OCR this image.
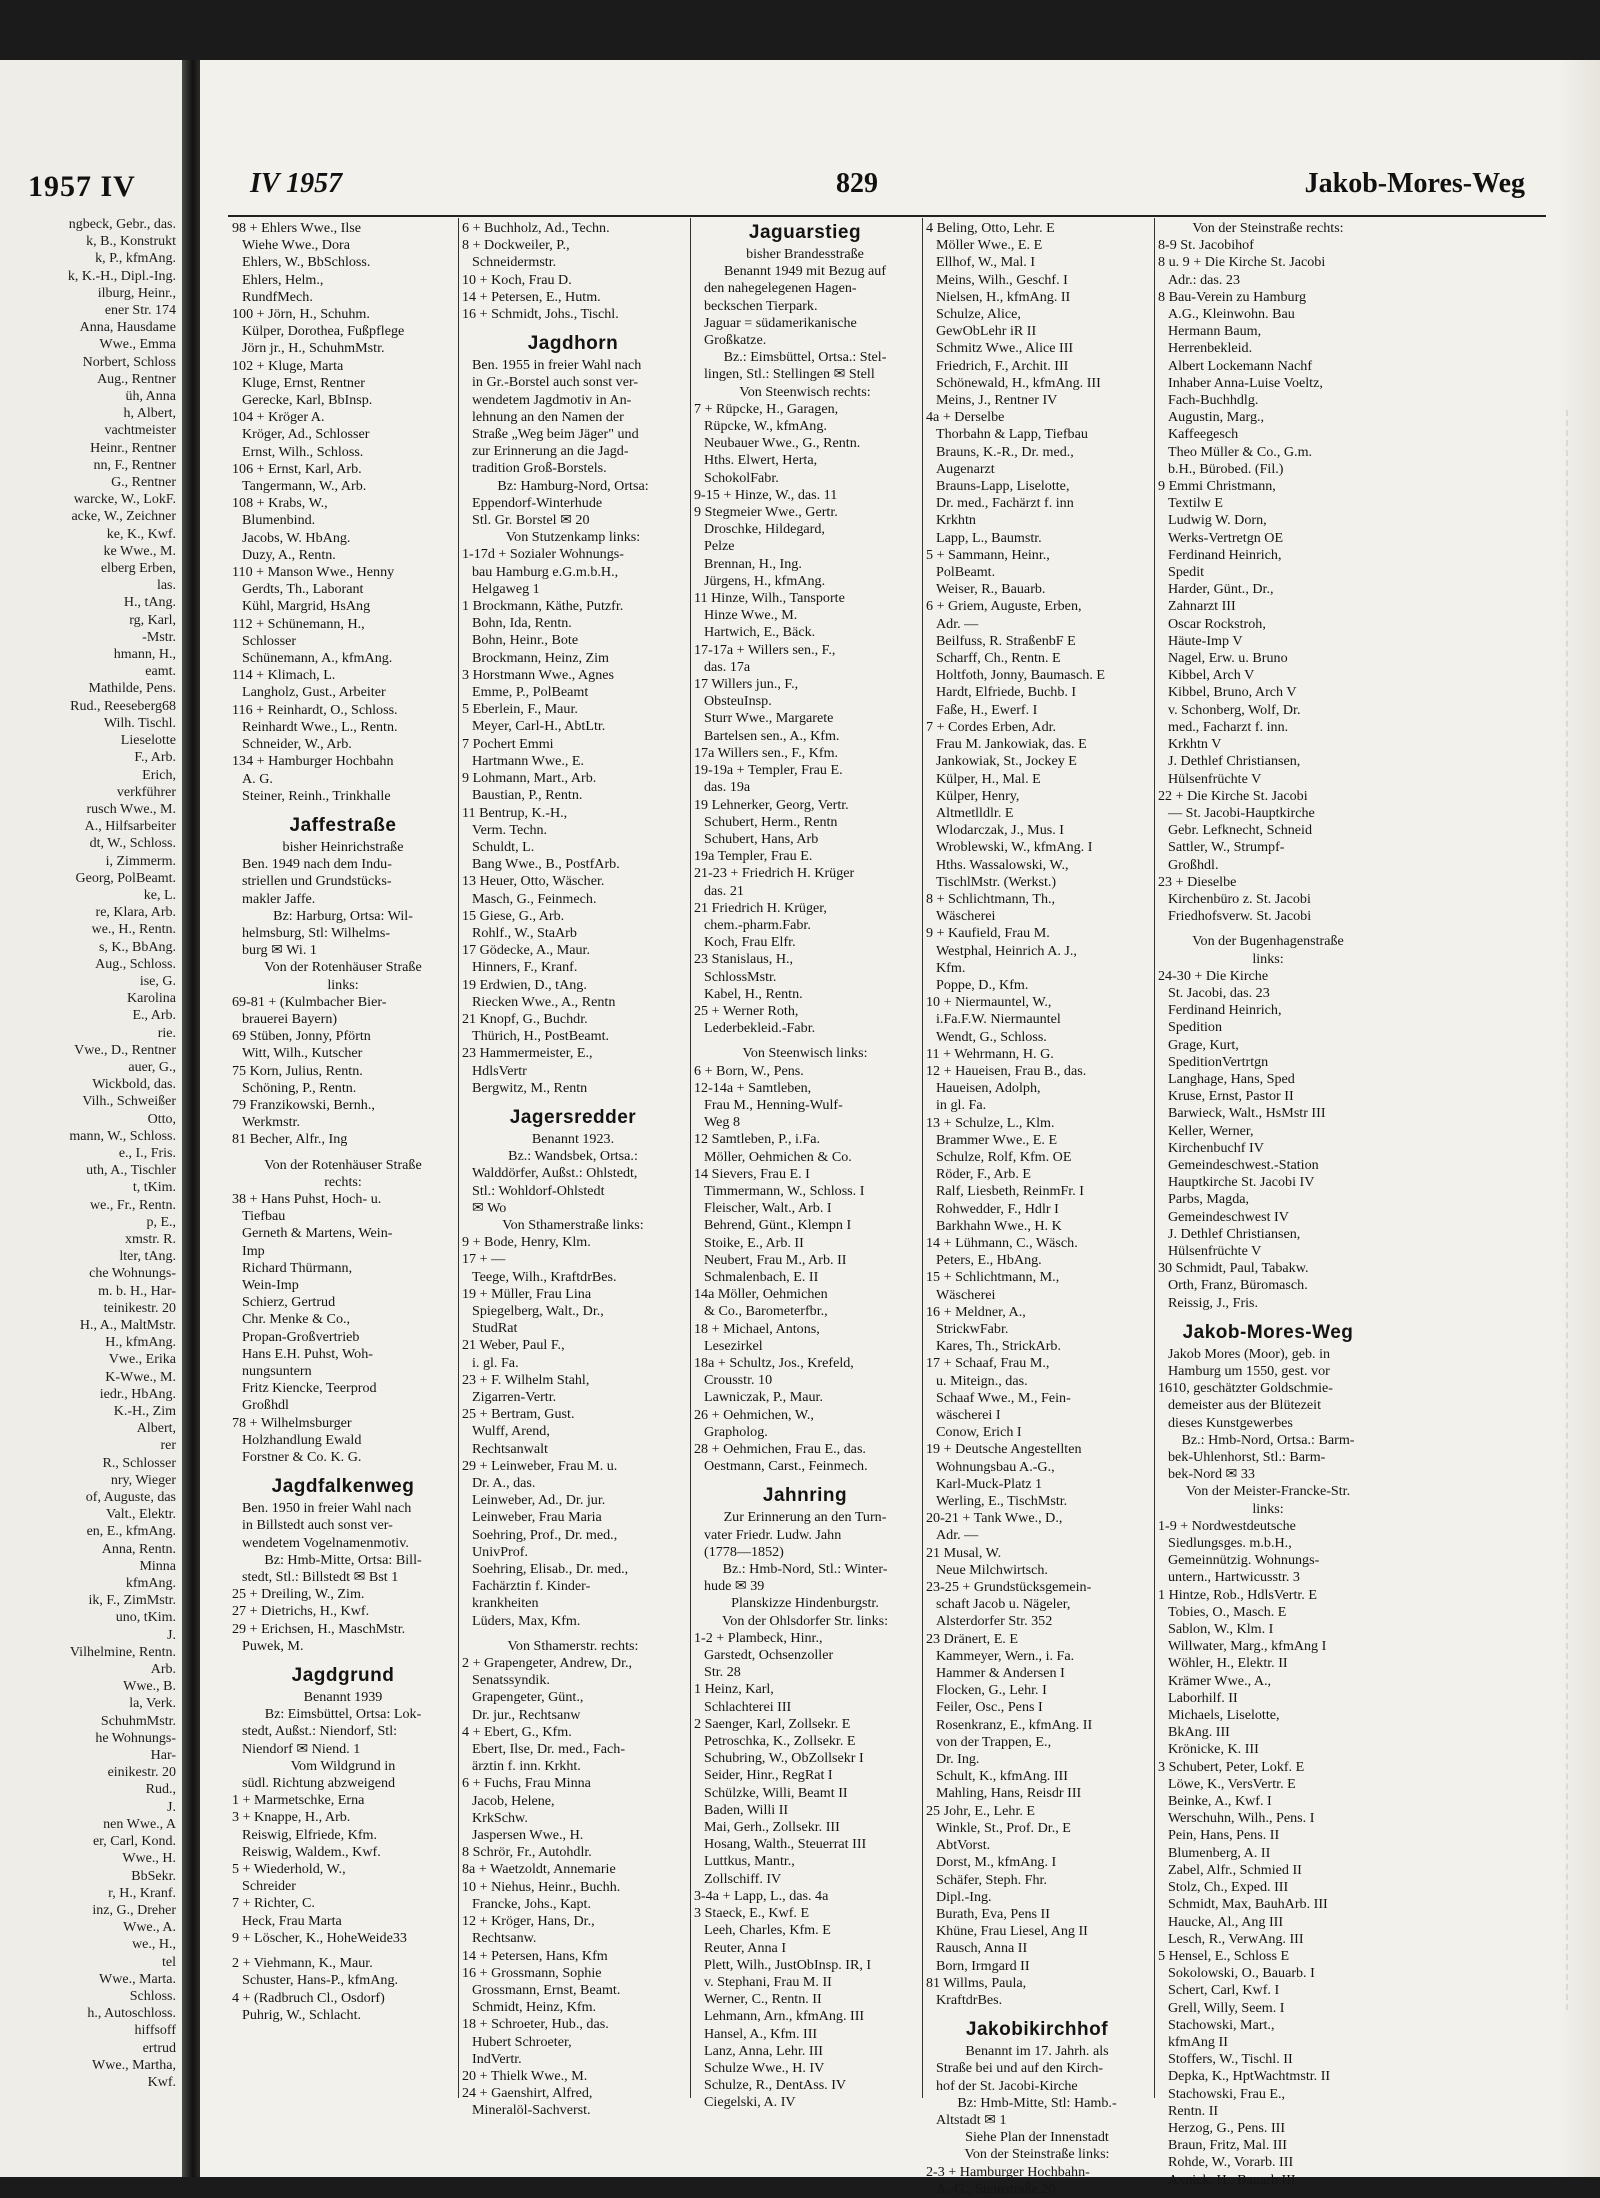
1957 IV
ngbeck, Gebr., das.
k, B., Konstrukt
k, P., kfmAng.
k, K.-H., Dipl.-Ing.
ilburg, Heinr.,
ener Str. 174
Anna, Hausdame
Wwe., Emma
Norbert, Schloss
Aug., Rentner
üh, Anna
h, Albert,
vachtmeister
Heinr., Rentner
nn, F., Rentner
G., Rentner
warcke, W., LokF.
acke, W., Zeichner
ke, K., Kwf.
ke Wwe., M.
elberg Erben,
las.
H., tAng.
rg, Karl,
-Mstr.
hmann, H.,
eamt.
Mathilde, Pens.
Rud., Reeseberg68
Wilh. Tischl.
Lieselotte
F., Arb.
Erich,
verkführer
rusch Wwe., M.
A., Hilfsarbeiter
dt, W., Schloss.
i, Zimmerm.
Georg, PolBeamt.
ke, L.
re, Klara, Arb.
we., H., Rentn.
s, K., BbAng.
Aug., Schloss.
ise, G.
Karolina
E., Arb.
rie.
Vwe., D., Rentner
auer, G.,
Wickbold, das.
Vilh., Schweißer
Otto,
mann, W., Schloss.
e., I., Fris.
uth, A., Tischler
t, tKim.
we., Fr., Rentn.
p, E.,
xmstr. R.
lter, tAng.
che Wohnungs-
m. b. H., Har-
teinikestr. 20
H., A., MaltMstr.
H., kfmAng.
Vwe., Erika
K-Wwe., M.
iedr., HbAng.
K.-H., Zim
Albert,
rer
R., Schlosser
nry, Wieger
of, Auguste, das
Valt., Elektr.
en, E., kfmAng.
Anna, Rentn.
Minna
kfmAng.
ik, F., ZimMstr.
uno, tKim.
J.
Vilhelmine, Rentn.
Arb.
Wwe., B.
la, Verk.
SchuhmMstr.
he Wohnungs-
Har-
einikestr. 20
Rud.,
J.
nen Wwe., A
er, Carl, Kond.
Wwe., H.
BbSekr.
r, H., Kranf.
inz, G., Dreher
Wwe., A.
we., H.,
tel
Wwe., Marta.
Schloss.
h., Autoschloss.
hiffsoff
ertrud
Wwe., Martha,
Kwf.
IV 1957	829	Jakob-Mores-Weg
98 + Ehlers Wwe., Ilse
Wiehe Wwe., Dora
Ehlers, W., BbSchloss.
Ehlers, Helm.,
RundfMech.
100 + Jörn, H., Schuhm.
Külper, Dorothea, Fußpflege
Jörn jr., H., SchuhmMstr.
102 + Kluge, Marta
Kluge, Ernst, Rentner
Gerecke, Karl, BbInsp.
104 + Kröger A.
Kröger, Ad., Schlosser
Ernst, Wilh., Schloss.
106 + Ernst, Karl, Arb.
Tangermann, W., Arb.
108 + Krabs, W.,
Blumenbind.
Jacobs, W. HbAng.
Duzy, A., Rentn.
110 + Manson Wwe., Henny
Gerdts, Th., Laborant
Kühl, Margrid, HsAng
112 + Schünemann, H.,
Schlosser
Schünemann, A., kfmAng.
114 + Klimach, L.
Langholz, Gust., Arbeiter
116 + Reinhardt, O., Schloss.
Reinhardt Wwe., L., Rentn.
Schneider, W., Arb.
134 + Hamburger Hochbahn
A. G.
Steiner, Reinh., Trinkhalle
Jaffestraße
bisher Heinrichstraße
Ben. 1949 nach dem Indu-
striellen und Grundstücks-
makler Jaffe.
Bz: Harburg, Ortsa: Wil-
helmsburg, Stl: Wilhelms-
burg ✉ Wi. 1
Von der Rotenhäuser Straße
links:
69-81 + (Kulmbacher Bier-
brauerei Bayern)
69 Stüben, Jonny, Pförtn
Witt, Wilh., Kutscher
75 Korn, Julius, Rentn.
Schöning, P., Rentn.
79 Franzikowski, Bernh.,
Werkmstr.
81 Becher, Alfr., Ing
Von der Rotenhäuser Straße
rechts:
38 + Hans Puhst, Hoch- u.
Tiefbau
Gerneth & Martens, Wein-
Imp
Richard Thürmann,
Wein-Imp
Schierz, Gertrud
Chr. Menke & Co.,
Propan-Großvertrieb
Hans E.H. Puhst, Woh-
nungsuntern
Fritz Kiencke, Teerprod
Großhdl
78 + Wilhelmsburger
Holzhandlung Ewald
Forstner & Co. K. G.
Jagdfalkenweg
Ben. 1950 in freier Wahl nach
in Billstedt auch sonst ver-
wendetem Vogelnamenmotiv.
Bz: Hmb-Mitte, Ortsa: Bill-
stedt, Stl.: Billstedt ✉ Bst 1
25 + Dreiling, W., Zim.
27 + Dietrichs, H., Kwf.
29 + Erichsen, H., MaschMstr.
Puwek, M.
Jagdgrund
Benannt 1939
Bz: Eimsbüttel, Ortsa: Lok-
stedt, Außst.: Niendorf, Stl:
Niendorf ✉ Niend. 1
Vom Wildgrund in
südl. Richtung abzweigend
1 + Marmetschke, Erna
3 + Knappe, H., Arb.
Reiswig, Elfriede, Kfm.
Reiswig, Waldem., Kwf.
5 + Wiederhold, W.,
Schreider
7 + Richter, C.
Heck, Frau Marta
9 + Löscher, K., HoheWeide33
2 + Viehmann, K., Maur.
Schuster, Hans-P., kfmAng.
4 + (Radbruch Cl., Osdorf)
Puhrig, W., Schlacht.
6 + Buchholz, Ad., Techn.
8 + Dockweiler, P.,
Schneidermstr.
10 + Koch, Frau D.
14 + Petersen, E., Hutm.
16 + Schmidt, Johs., Tischl.
Jagdhorn
Ben. 1955 in freier Wahl nach
in Gr.-Borstel auch sonst ver-
wendetem Jagdmotiv in An-
lehnung an den Namen der
Straße „Weg beim Jäger" und
zur Erinnerung an die Jagd-
tradition Groß-Borstels.
Bz: Hamburg-Nord, Ortsa:
Eppendorf-Winterhude
Stl. Gr. Borstel ✉ 20
Von Stutzenkamp links:
1-17d + Sozialer Wohnungs-
bau Hamburg e.G.m.b.H.,
Helgaweg 1
1 Brockmann, Käthe, Putzfr.
Bohn, Ida, Rentn.
Bohn, Heinr., Bote
Brockmann, Heinz, Zim
3 Horstmann Wwe., Agnes
Emme, P., PolBeamt
5 Eberlein, F., Maur.
Meyer, Carl-H., AbtLtr.
7 Pochert Emmi
Hartmann Wwe., E.
9 Lohmann, Mart., Arb.
Baustian, P., Rentn.
11 Bentrup, K.-H.,
Verm. Techn.
Schuldt, L.
Bang Wwe., B., PostfArb.
13 Heuer, Otto, Wäscher.
Masch, G., Feinmech.
15 Giese, G., Arb.
Rohlf., W., StaArb
17 Gödecke, A., Maur.
Hinners, F., Kranf.
19 Erdwien, D., tAng.
Riecken Wwe., A., Rentn
21 Knopf, G., Buchdr.
Thürich, H., PostBeamt.
23 Hammermeister, E.,
HdlsVertr
Bergwitz, M., Rentn
Jagersredder
Benannt 1923.
Bz.: Wandsbek, Ortsa.:
Walddörfer, Außst.: Ohlstedt,
Stl.: Wohldorf-Ohlstedt
✉ Wo
Von Sthamerstraße links:
9 + Bode, Henry, Klm.
17 + —
Teege, Wilh., KraftdrBes.
19 + Müller, Frau Lina
Spiegelberg, Walt., Dr.,
StudRat
21 Weber, Paul F.,
i. gl. Fa.
23 + F. Wilhelm Stahl,
Zigarren-Vertr.
25 + Bertram, Gust.
Wulff, Arend,
Rechtsanwalt
29 + Leinweber, Frau M. u.
Dr. A., das.
Leinweber, Ad., Dr. jur.
Leinweber, Frau Maria
Soehring, Prof., Dr. med.,
UnivProf.
Soehring, Elisab., Dr. med.,
Fachärztin f. Kinder-
krankheiten
Lüders, Max, Kfm.
Von Sthamerstr. rechts:
2 + Grapengeter, Andrew, Dr.,
Senatssyndik.
Grapengeter, Günt.,
Dr. jur., Rechtsanw
4 + Ebert, G., Kfm.
Ebert, Ilse, Dr. med., Fach-
ärztin f. inn. Krkht.
6 + Fuchs, Frau Minna
Jacob, Helene,
KrkSchw.
Jaspersen Wwe., H.
8 Schrör, Fr., Autohdlr.
8a + Waetzoldt, Annemarie
10 + Niehus, Heinr., Buchh.
Francke, Johs., Kapt.
12 + Kröger, Hans, Dr.,
Rechtsanw.
14 + Petersen, Hans, Kfm
16 + Grossmann, Sophie
Grossmann, Ernst, Beamt.
Schmidt, Heinz, Kfm.
18 + Schroeter, Hub., das.
Hubert Schroeter,
IndVertr.
20 + Thielk Wwe., M.
24 + Gaenshirt, Alfred,
Mineralöl-Sachverst.
Jaguarstieg
bisher Brandesstraße
Benannt 1949 mit Bezug auf
den nahegelegenen Hagen-
beckschen Tierpark.
Jaguar = südamerikanische
Großkatze.
Bz.: Eimsbüttel, Ortsa.: Stel-
lingen, Stl.: Stellingen ✉ Stell
Von Steenwisch rechts:
7 + Rüpcke, H., Garagen,
Rüpcke, W., kfmAng.
Neubauer Wwe., G., Rentn.
Hths. Elwert, Herta,
SchokolFabr.
9-15 + Hinze, W., das. 11
9 Stegmeier Wwe., Gertr.
Droschke, Hildegard,
Pelze
Brennan, H., Ing.
Jürgens, H., kfmAng.
11 Hinze, Wilh., Tansporte
Hinze Wwe., M.
Hartwich, E., Bäck.
17-17a + Willers sen., F.,
das. 17a
17 Willers jun., F.,
ObsteuInsp.
Sturr Wwe., Margarete
Bartelsen sen., A., Kfm.
17a Willers sen., F., Kfm.
19-19a + Templer, Frau E.
das. 19a
19 Lehnerker, Georg, Vertr.
Schubert, Herm., Rentn
Schubert, Hans, Arb
19a Templer, Frau E.
21-23 + Friedrich H. Krüger
das. 21
21 Friedrich H. Krüger,
chem.-pharm.Fabr.
Koch, Frau Elfr.
23 Stanislaus, H.,
SchlossMstr.
Kabel, H., Rentn.
25 + Werner Roth,
Lederbekleid.-Fabr.
Von Steenwisch links:
6 + Born, W., Pens.
12-14a + Samtleben,
Frau M., Henning-Wulf-
Weg 8
12 Samtleben, P., i.Fa.
Möller, Oehmichen & Co.
14 Sievers, Frau E. I
Timmermann, W., Schloss. I
Fleischer, Walt., Arb. I
Behrend, Günt., Klempn I
Stoike, E., Arb. II
Neubert, Frau M., Arb. II
Schmalenbach, E. II
14a Möller, Oehmichen
& Co., Barometerfbr.,
18 + Michael, Antons,
Lesezirkel
18a + Schultz, Jos., Krefeld,
Crousstr. 10
Lawniczak, P., Maur.
26 + Oehmichen, W.,
Grapholog.
28 + Oehmichen, Frau E., das.
Oestmann, Carst., Feinmech.
Jahnring
Zur Erinnerung an den Turn-
vater Friedr. Ludw. Jahn
(1778—1852)
Bz.: Hmb-Nord, Stl.: Winter-
hude ✉ 39
Planskizze Hindenburgstr.
Von der Ohlsdorfer Str. links:
1-2 + Plambeck, Hinr.,
Garstedt, Ochsenzoller
Str. 28
1 Heinz, Karl,
Schlachterei III
2 Saenger, Karl, Zollsekr. E
Petroschka, K., Zollsekr. E
Schubring, W., ObZollsekr I
Seider, Hinr., RegRat I
Schülzke, Willi, Beamt II
Baden, Willi II
Mai, Gerh., Zollsekr. III
Hosang, Walth., Steuerrat III
Luttkus, Mantr.,
Zollschiff. IV
3-4a + Lapp, L., das. 4a
3 Staeck, E., Kwf. E
Leeh, Charles, Kfm. E
Reuter, Anna I
Plett, Wilh., JustObInsp. IR, I
v. Stephani, Frau M. II
Werner, C., Rentn. II
Lehmann, Arn., kfmAng. III
Hansel, A., Kfm. III
Lanz, Anna, Lehr. III
Schulze Wwe., H. IV
Schulze, R., DentAss. IV
Ciegelski, A. IV
4 Beling, Otto, Lehr. E
Möller Wwe., E. E
Ellhof, W., Mal. I
Meins, Wilh., Geschf. I
Nielsen, H., kfmAng. II
Schulze, Alice,
GewObLehr iR II
Schmitz Wwe., Alice III
Friedrich, F., Archit. III
Schönewald, H., kfmAng. III
Meins, J., Rentner IV
4a + Derselbe
Thorbahn & Lapp, Tiefbau
Brauns, K.-R., Dr. med.,
Augenarzt
Brauns-Lapp, Liselotte,
Dr. med., Fachärzt f. inn
Krkhtn
Lapp, L., Baumstr.
5 + Sammann, Heinr.,
PolBeamt.
Weiser, R., Bauarb.
6 + Griem, Auguste, Erben,
Adr. —
Beilfuss, R. StraßenbF E
Scharff, Ch., Rentn. E
Holtfoth, Jonny, Baumasch. E
Hardt, Elfriede, Buchb. I
Faße, H., Ewerf. I
7 + Cordes Erben, Adr.
Frau M. Jankowiak, das. E
Jankowiak, St., Jockey E
Külper, H., Mal. E
Külper, Henry,
Altmetlldlr. E
Wlodarczak, J., Mus. I
Wroblewski, W., kfmAng. I
Hths. Wassalowski, W.,
TischlMstr. (Werkst.)
8 + Schlichtmann, Th.,
Wäscherei
9 + Kaufield, Frau M.
Westphal, Heinrich A. J.,
Kfm.
Poppe, D., Kfm.
10 + Niermauntel, W.,
i.Fa.F.W. Niermauntel
Wendt, G., Schloss.
11 + Wehrmann, H. G.
12 + Haueisen, Frau B., das.
Haueisen, Adolph,
in gl. Fa.
13 + Schulze, L., Klm.
Brammer Wwe., E. E
Schulze, Rolf, Kfm. OE
Röder, F., Arb. E
Ralf, Liesbeth, ReinmFr. I
Rohwedder, F., Hdlr I
Barkhahn Wwe., H. K
14 + Lühmann, C., Wäsch.
Peters, E., HbAng.
15 + Schlichtmann, M.,
Wäscherei
16 + Meldner, A.,
StrickwFabr.
Kares, Th., StrickArb.
17 + Schaaf, Frau M.,
u. Miteign., das.
Schaaf Wwe., M., Fein-
wäscherei I
Conow, Erich I
19 + Deutsche Angestellten
Wohnungsbau A.-G.,
Karl-Muck-Platz 1
Werling, E., TischMstr.
20-21 + Tank Wwe., D.,
Adr. —
21 Musal, W.
Neue Milchwirtsch.
23-25 + Grundstücksgemein-
schaft Jacob u. Nägeler,
Alsterdorfer Str. 352
23 Dränert, E. E
Kammeyer, Wern., i. Fa.
Hammer & Andersen I
Flocken, G., Lehr. I
Feiler, Osc., Pens I
Rosenkranz, E., kfmAng. II
von der Trappen, E.,
Dr. Ing.
Schult, K., kfmAng. III
Mahling, Hans, Reisdr III
25 Johr, E., Lehr. E
Winkle, St., Prof. Dr., E
AbtVorst.
Dorst, M., kfmAng. I
Schäfer, Steph. Fhr.
Dipl.-Ing.
Burath, Eva, Pens II
Khüne, Frau Liesel, Ang II
Rausch, Anna II
Born, Irmgard II
81 Willms, Paula,
KraftdrBes.
Jakobikirchhof
Benannt im 17. Jahrh. als
Straße bei und auf den Kirch-
hof der St. Jacobi-Kirche
Bz: Hmb-Mitte, Stl: Hamb.-
Altstadt ✉ 1
Siehe Plan der Innenstadt
Von der Steinstraße links:
2-3 + Hamburger Hochbahn-
A.-G., Steinstraße 20
Von der Steinstraße rechts:
8-9 St. Jacobihof
8 u. 9 + Die Kirche St. Jacobi
Adr.: das. 23
8 Bau-Verein zu Hamburg
A.G., Kleinwohn. Bau
Hermann Baum,
Herrenbekleid.
Albert Lockemann Nachf
Inhaber Anna-Luise Voeltz,
Fach-Buchhdlg.
Augustin, Marg.,
Kaffeegesch
Theo Müller & Co., G.m.
b.H., Bürobed. (Fil.)
9 Emmi Christmann,
Textilw E
Ludwig W. Dorn,
Werks-Vertretgn OE
Ferdinand Heinrich,
Spedit
Harder, Günt., Dr.,
Zahnarzt III
Oscar Rockstroh,
Häute-Imp V
Nagel, Erw. u. Bruno
Kibbel, Arch V
Kibbel, Bruno, Arch V
v. Schonberg, Wolf, Dr.
med., Facharzt f. inn.
Krkhtn V
J. Dethlef Christiansen,
Hülsenfrüchte V
22 + Die Kirche St. Jacobi
— St. Jacobi-Hauptkirche
Gebr. Lefknecht, Schneid
Sattler, W., Strumpf-
Großhdl.
23 + Dieselbe
Kirchenbüro z. St. Jacobi
Friedhofsverw. St. Jacobi
Von der Bugenhagenstraße
links:
24-30 + Die Kirche
St. Jacobi, das. 23
Ferdinand Heinrich,
Spedition
Grage, Kurt,
SpeditionVertrtgn
Langhage, Hans, Sped
Kruse, Ernst, Pastor II
Barwieck, Walt., HsMstr III
Keller, Werner,
Kirchenbuchf IV
Gemeindeschwest.-Station
Hauptkirche St. Jacobi IV
Parbs, Magda,
Gemeindeschwest IV
J. Dethlef Christiansen,
Hülsenfrüchte V
30 Schmidt, Paul, Tabakw.
Orth, Franz, Büromasch.
Reissig, J., Fris.
Jakob-Mores-Weg
Jakob Mores (Moor), geb. in
Hamburg um 1550, gest. vor
1610, geschätzter Goldschmie-
demeister aus der Blütezeit
dieses Kunstgewerbes
Bz.: Hmb-Nord, Ortsa.: Barm-
bek-Uhlenhorst, Stl.: Barm-
bek-Nord ✉ 33
Von der Meister-Francke-Str.
links:
1-9 + Nordwestdeutsche
Siedlungsges. m.b.H.,
Gemeinnützig. Wohnungs-
untern., Hartwicusstr. 3
1 Hintze, Rob., HdlsVertr. E
Tobies, O., Masch. E
Sablon, W., Klm. I
Willwater, Marg., kfmAng I
Wöhler, H., Elektr. II
Krämer Wwe., A.,
Laborhilf. II
Michaels, Liselotte,
BkAng. III
Krönicke, K. III
3 Schubert, Peter, Lokf. E
Löwe, K., VersVertr. E
Beinke, A., Kwf. I
Werschuhn, Wilh., Pens. I
Pein, Hans, Pens. II
Blumenberg, A. II
Zabel, Alfr., Schmied II
Stolz, Ch., Exped. III
Schmidt, Max, BauhArb. III
Haucke, Al., Ang III
Lesch, R., VerwAng. III
5 Hensel, E., Schloss E
Sokolowski, O., Bauarb. I
Schert, Carl, Kwf. I
Grell, Willy, Seem. I
Stachowski, Mart.,
kfmAng II
Stoffers, W., Tischl. II
Depka, K., HptWachtmstr. II
Stachowski, Frau E.,
Rentn. II
Herzog, G., Pens. III
Braun, Fritz, Mal. III
Rohde, W., Vorarb. III
Axnick, H., Bauarb III
